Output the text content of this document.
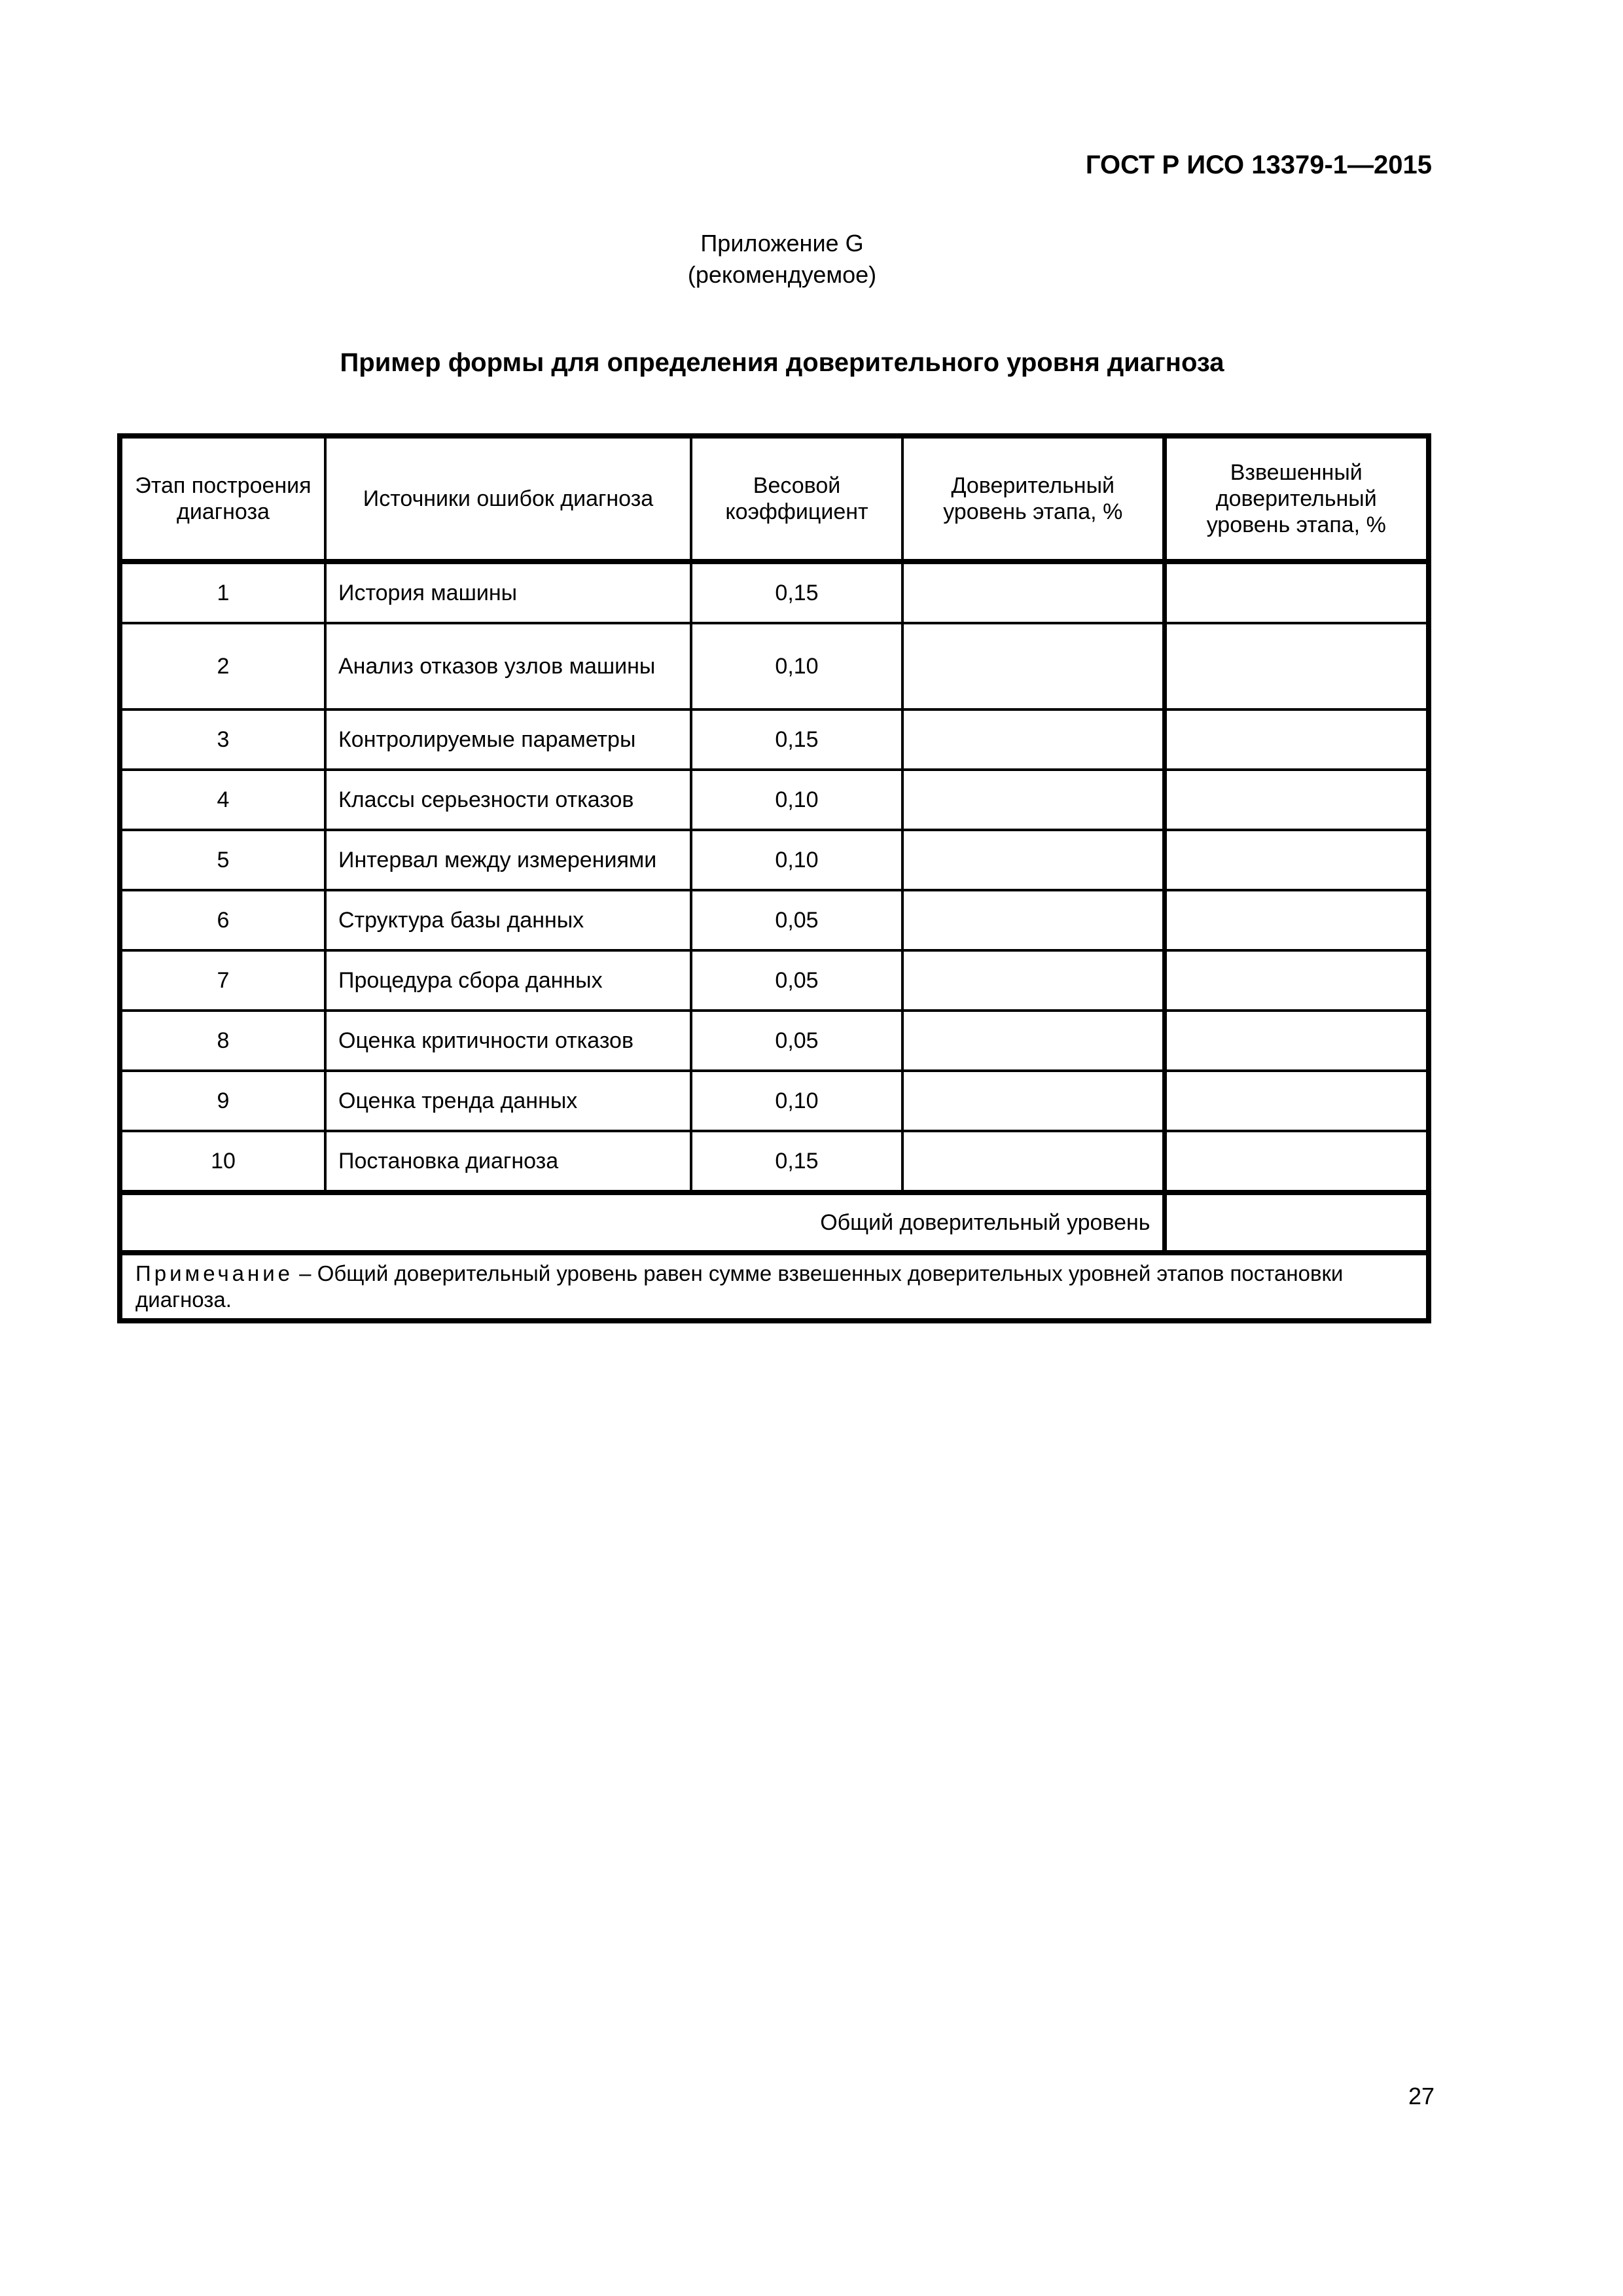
ГОСТ Р ИСО 13379-1—2015
Приложение G
(рекомендуемое)
Пример формы для определения доверительного уровня диагноза
Этап построения диагноза	Источники ошибок диагноза	Весовой коэффициент	Доверительный уровень этапа, %	Взвешенный доверительный уровень этапа, %
1	История машины	0,15		
2	Анализ отказов узлов машины	0,10		
3	Контролируемые параметры	0,15		
4	Классы серьезности отказов	0,10		
5	Интервал между измерениями	0,10		
6	Структура базы данных	0,05		
7	Процедура сбора данных	0,05		
8	Оценка критичности отказов	0,05		
9	Оценка тренда данных	0,10		
10	Постановка диагноза	0,15		
Общий доверительный уровень				
Примечание – Общий доверительный уровень равен сумме взвешенных доверительных уровней этапов постановки диагноза.				
27
